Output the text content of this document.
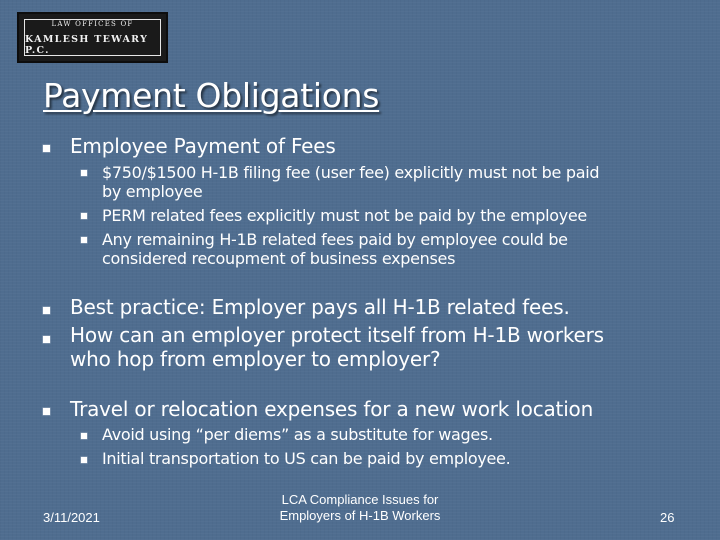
LAW OFFICES OF
KAMLESH TEWARY P.C.
Payment Obligations
Employee Payment of Fees
$750/$1500 H-1B filing fee (user fee) explicitly must not be paid
by employee
PERM related fees explicitly must not be paid by the employee
Any remaining H-1B related fees paid by employee could be
considered recoupment of business expenses
Best practice: Employer pays all H-1B related fees.
How can an employer protect itself from H-1B workers
who hop from employer to employer?
Travel or relocation expenses for a new work location
Avoid using “per diems” as a substitute for wages.
Initial transportation to US can be paid by employee.
3/11/2021
LCA Compliance Issues for
Employers of H-1B Workers	26
